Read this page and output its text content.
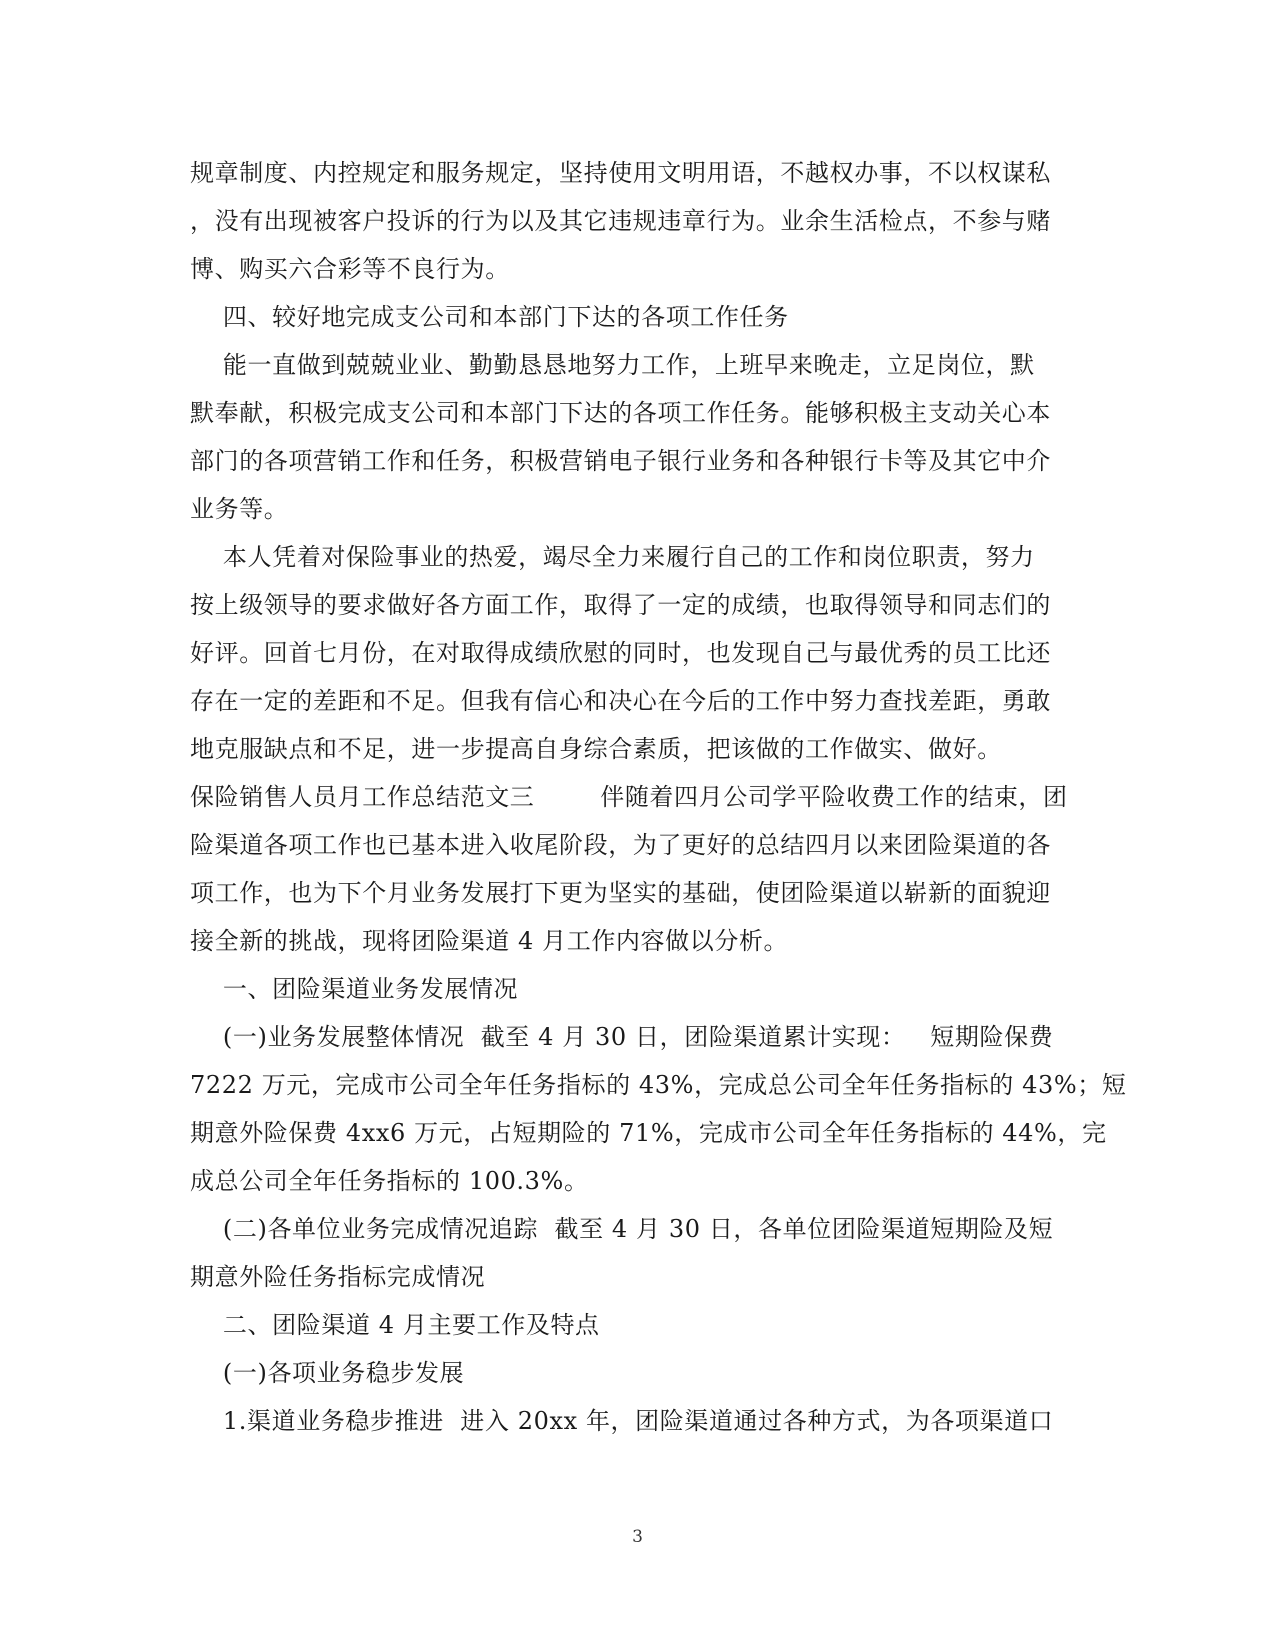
规章制度、内控规定和服务规定，坚持使用文明用语，不越权办事，不以权谋私
，没有出现被客户投诉的行为以及其它违规违章行为。业余生活检点，不参与赌
博、购买六合彩等不良行为。
四、较好地完成支公司和本部门下达的各项工作任务
能一直做到兢兢业业、勤勤恳恳地努力工作，上班早来晚走，立足岗位，默
默奉献，积极完成支公司和本部门下达的各项工作任务。能够积极主支动关心本
部门的各项营销工作和任务，积极营销电子银行业务和各种银行卡等及其它中介
业务等。
本人凭着对保险事业的热爱，竭尽全力来履行自己的工作和岗位职责，努力
按上级领导的要求做好各方面工作，取得了一定的成绩，也取得领导和同志们的
好评。回首七月份，在对取得成绩欣慰的同时，也发现自己与最优秀的员工比还
存在一定的差距和不足。但我有信心和决心在今后的工作中努力查找差距，勇敢
地克服缺点和不足，进一步提高自身综合素质，把该做的工作做实、做好。
保险销售人员月工作总结范文三        伴随着四月公司学平险收费工作的结束，团
险渠道各项工作也已基本进入收尾阶段，为了更好的总结四月以来团险渠道的各
项工作，也为下个月业务发展打下更为坚实的基础，使团险渠道以崭新的面貌迎
接全新的挑战，现将团险渠道 4 月工作内容做以分析。
一、团险渠道业务发展情况
(一)业务发展整体情况  截至 4 月 30 日，团险渠道累计实现：   短期险保费
7222 万元，完成市公司全年任务指标的 43%，完成总公司全年任务指标的 43%；短
期意外险保费 4xx6 万元，占短期险的 71%，完成市公司全年任务指标的 44%，完
成总公司全年任务指标的 100.3%。
(二)各单位业务完成情况追踪  截至 4 月 30 日，各单位团险渠道短期险及短
期意外险任务指标完成情况
二、团险渠道 4 月主要工作及特点
(一)各项业务稳步发展
1.渠道业务稳步推进  进入 20xx 年，团险渠道通过各种方式，为各项渠道口
3
